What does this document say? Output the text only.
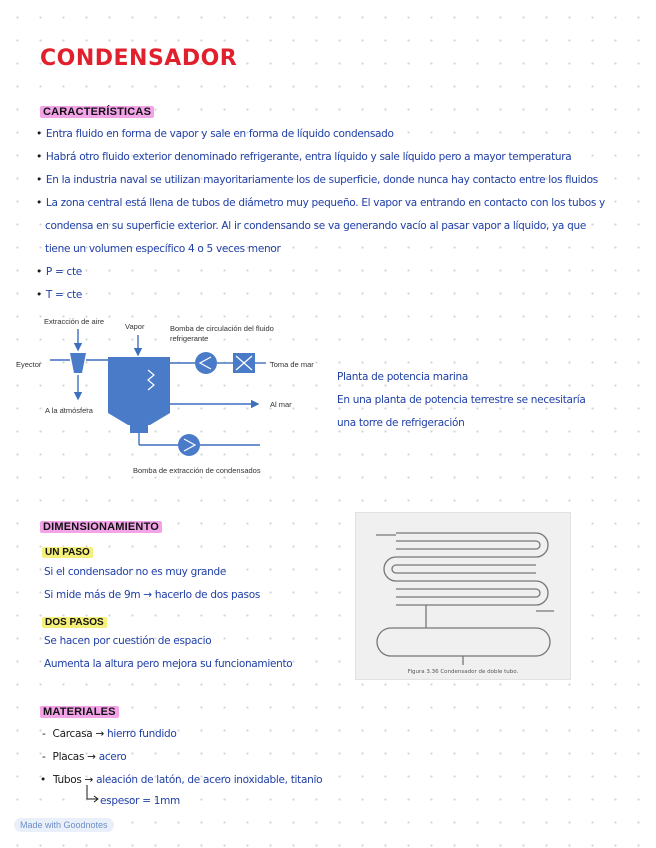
CONDENSADOR
CARACTERÍSTICAS
• Entra fluido en forma de vapor y sale en forma de líquido condensado
• Habrá otro fluido exterior denominado refrigerante, entra líquido y sale líquido pero a mayor temperatura
• En la industria naval se utilizan mayoritariamente los de superficie, donde nunca hay contacto entre los fluidos
• La zona central está llena de tubos de diámetro muy pequeño. El vapor va entrando en contacto con los tubos y
condensa en su superficie exterior. Al ir condensando se va generando vacío al pasar vapor a líquido, ya que
tiene un volumen específico 4 o 5 veces menor
• P = cte
• T = cte
Extracción de aire
Vapor	Bomba de circulación del fluido
refrigerante
Eyector	Toma de mar
A la atmósfera
Al mar
Bomba de extracción de condensados
Planta de potencia marina
En una planta de potencia terrestre se necesitaría
una torre de refrigeración
DIMENSIONAMIENTO
UN PASO
Si el condensador no es muy grande
Si mide más de 9m → hacerlo de dos pasos
DOS PASOS
Se hacen por cuestión de espacio
Aumenta la altura pero mejora su funcionamiento
Figura 3.36 Condensador de doble tubo.
MATERIALES
- Carcasa → hierro fundido
- Placas → acero
• Tubos → aleación de latón, de acero inoxidable, titanio
espesor = 1mm
Made with Goodnotes
